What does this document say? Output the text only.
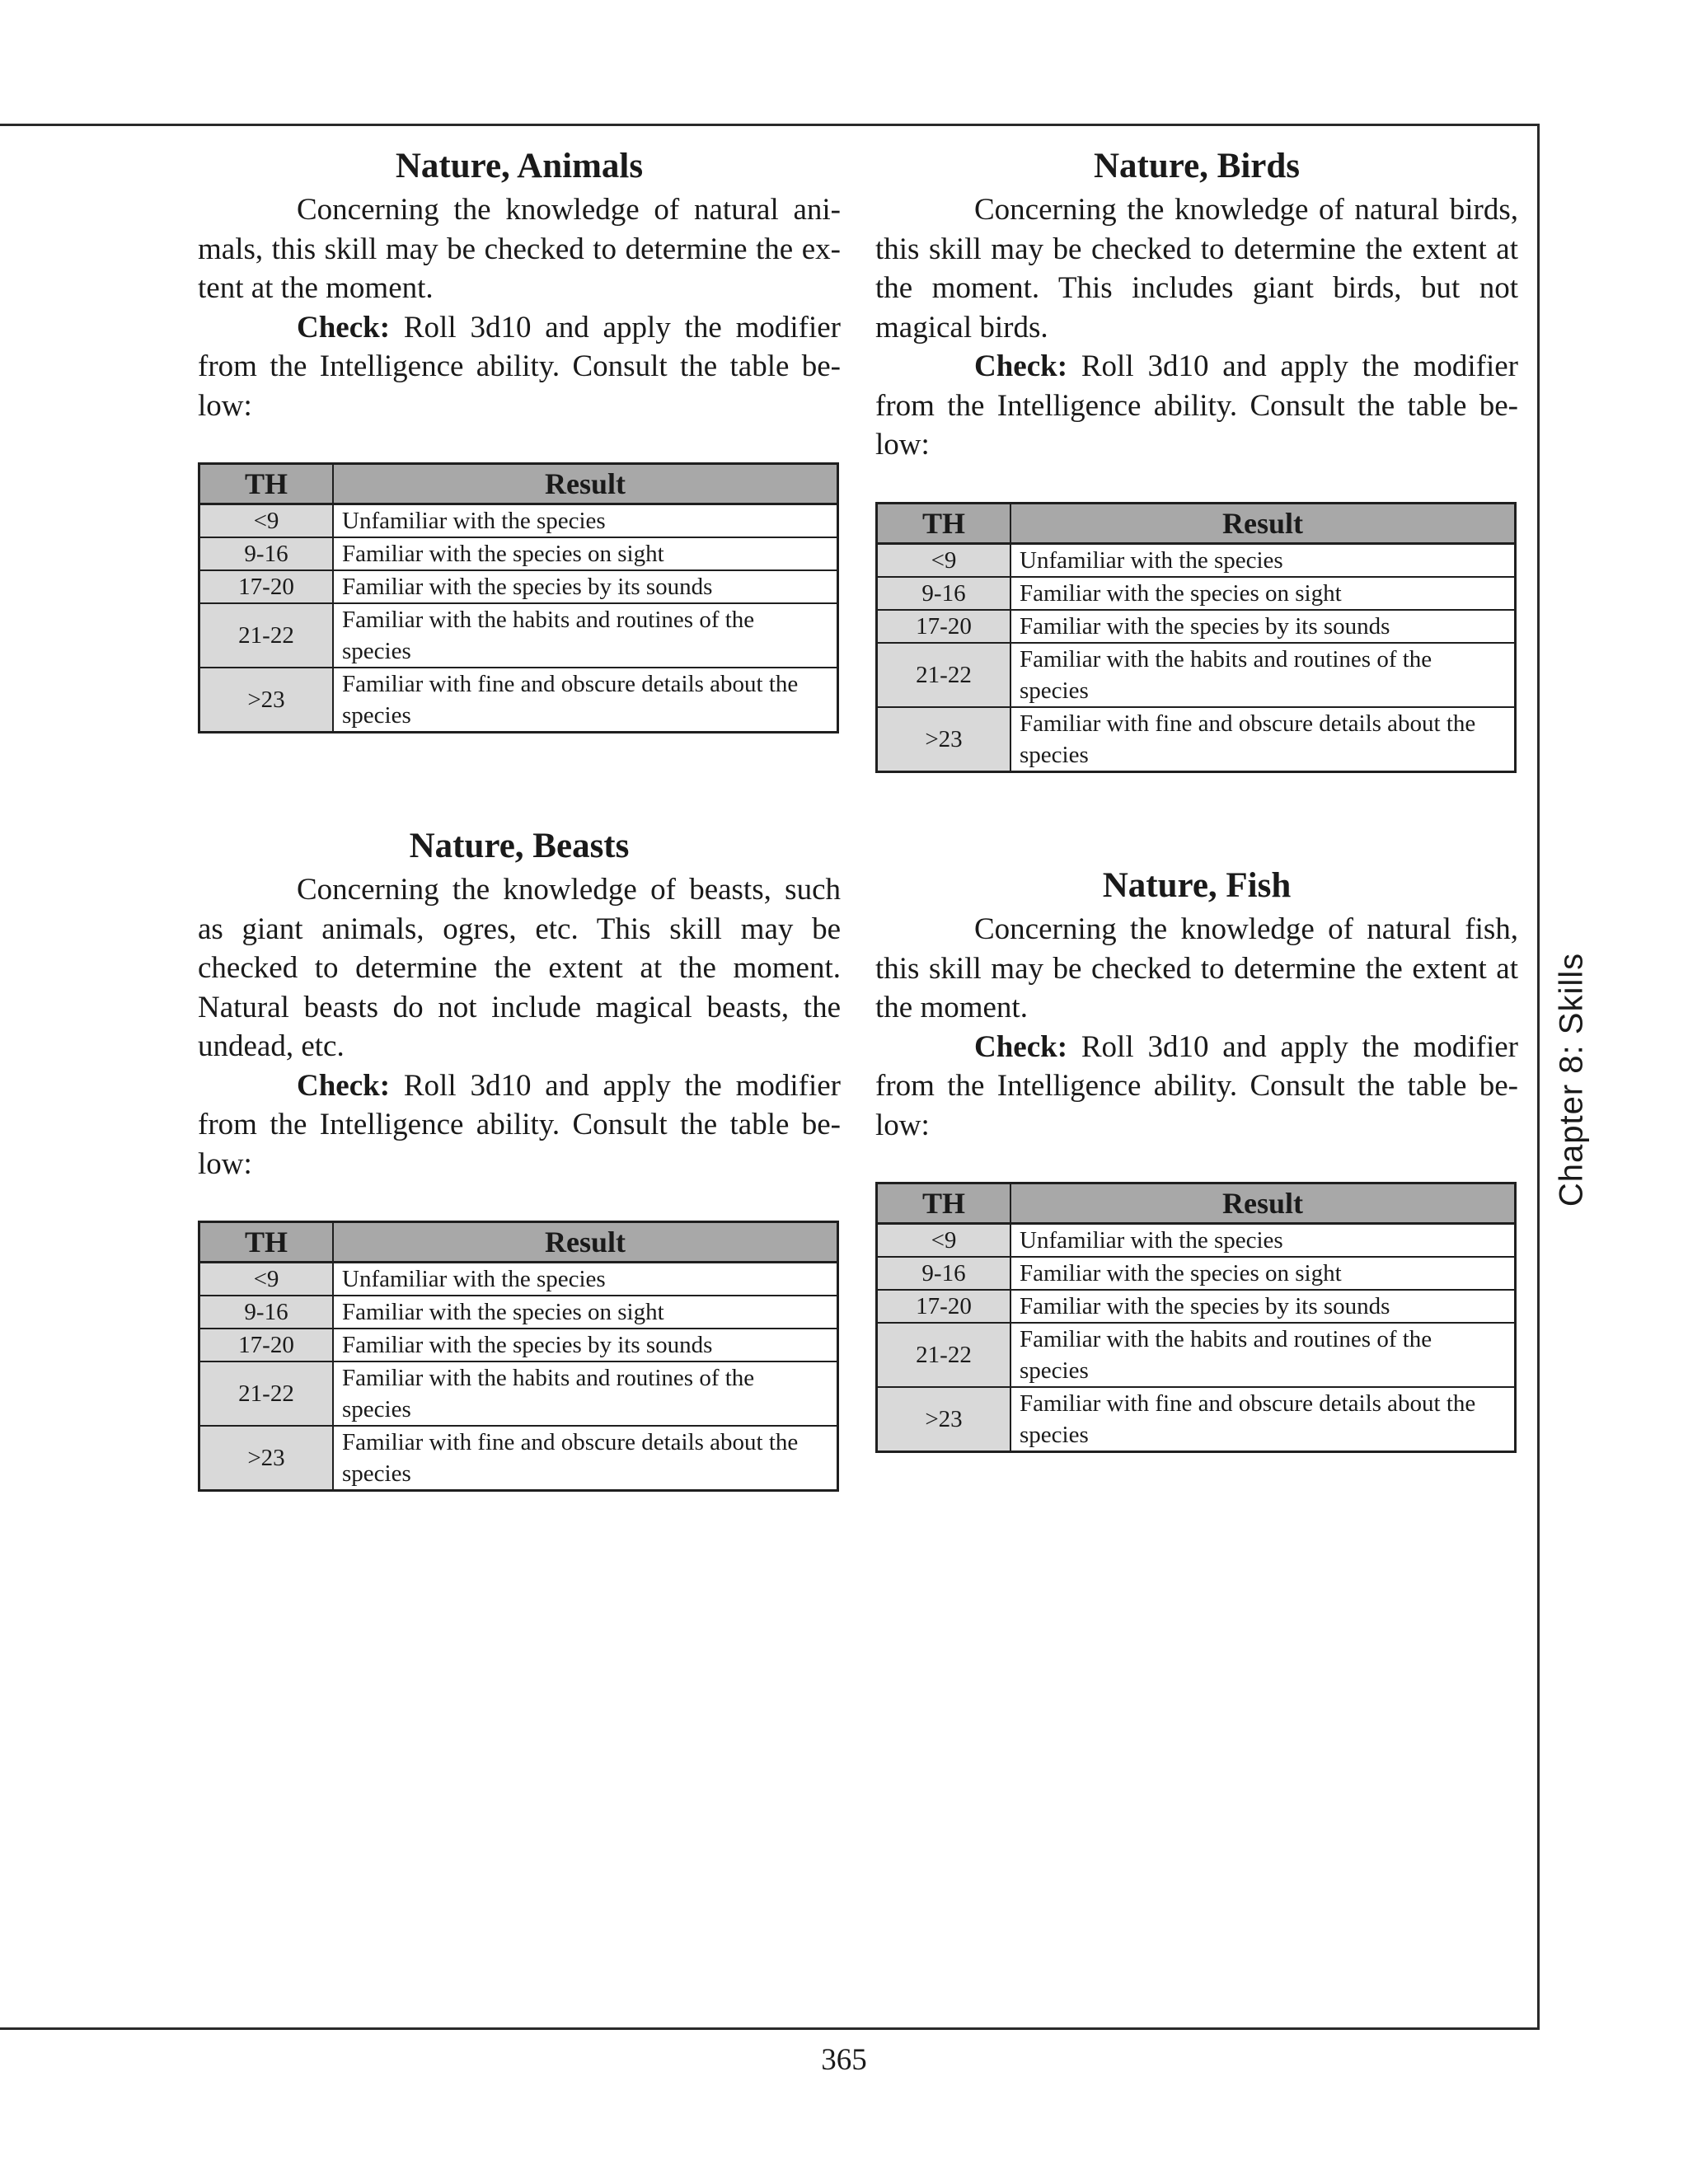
Nature, Animals

Concerning the knowledge of natural ani-mals, this skill may be checked to determine the ex-tent at the moment.

Check: Roll 3d10 and apply the modifier from the Intelligence ability. Consult the table be-low:

TH	Result
<9	Unfamiliar with the species
9-16	Familiar with the species on sight
17-20	Familiar with the species by its sounds
21-22	Familiar with the habits and routines of the species
>23	Familiar with fine and obscure details about the species
Nature, Birds

Concerning the knowledge of natural birds, this skill may be checked to determine the extent at the moment. This includes giant birds, but not magical birds.

Check: Roll 3d10 and apply the modifier from the Intelligence ability. Consult the table be-low:

TH	Result
<9	Unfamiliar with the species
9-16	Familiar with the species on sight
17-20	Familiar with the species by its sounds
21-22	Familiar with the habits and routines of the species
>23	Familiar with fine and obscure details about the species
Nature, Beasts

Concerning the knowledge of beasts, such as giant animals, ogres, etc. This skill may be checked to determine the extent at the moment. Natural beasts do not include magical beasts, the undead, etc.

Check: Roll 3d10 and apply the modifier from the Intelligence ability. Consult the table be-low:

TH	Result
<9	Unfamiliar with the species
9-16	Familiar with the species on sight
17-20	Familiar with the species by its sounds
21-22	Familiar with the habits and routines of the species
>23	Familiar with fine and obscure details about the species
Nature, Fish

Concerning the knowledge of natural fish, this skill may be checked to determine the extent at the moment.

Check: Roll 3d10 and apply the modifier from the Intelligence ability. Consult the table be-low:

TH	Result
<9	Unfamiliar with the species
9-16	Familiar with the species on sight
17-20	Familiar with the species by its sounds
21-22	Familiar with the habits and routines of the species
>23	Familiar with fine and obscure details about the species
Chapter 8: Skills
365
